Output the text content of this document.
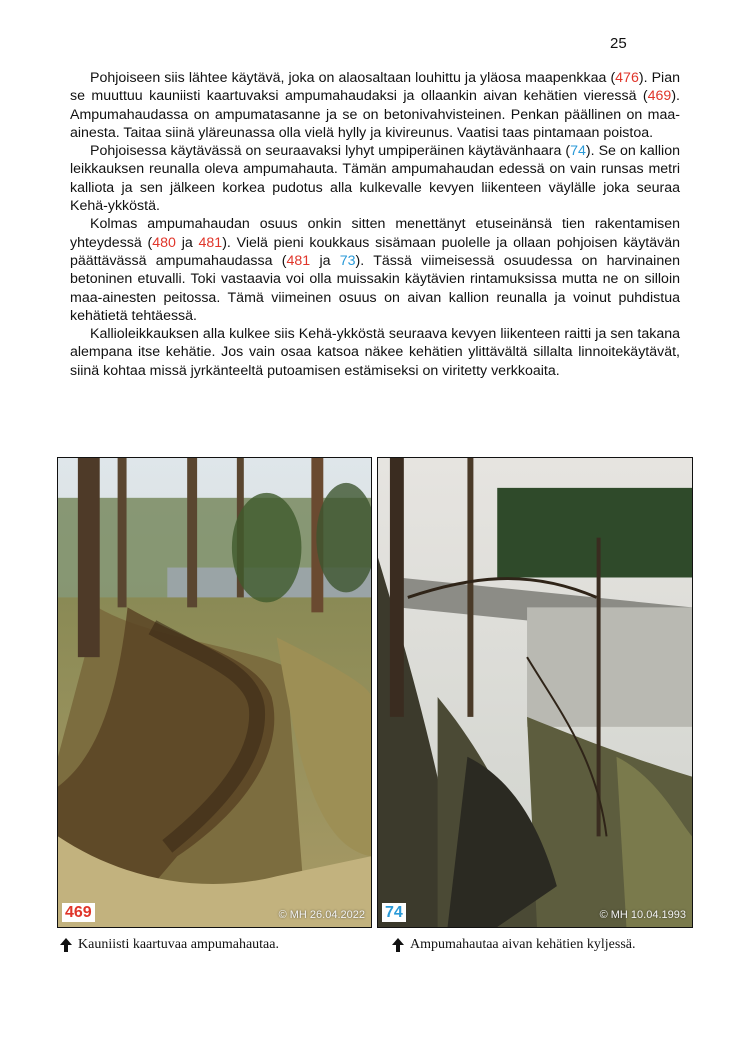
25

Pohjoiseen siis lähtee käytävä, joka on alaosaltaan louhittu ja yläosa maapenkkaa (476). Pian se muuttuu kauniisti kaartuvaksi ampumahaudaksi ja ollaankin aivan kehätien vieressä (469). Ampumahaudassa on ampumatasanne ja se on betonivahvisteinen. Penkan päällinen on maa-ainesta. Taitaa siinä yläreunassa olla vielä hylly ja kivireunus. Vaatisi taas pintamaan poistoa.

Pohjoisessa käytävässä on seuraavaksi lyhyt umpiperäinen käytävänhaara (74). Se on kallion leikkauksen reunalla oleva ampumahauta. Tämän ampumahaudan edessä on vain runsas metri kalliota ja sen jälkeen korkea pudotus alla kulkevalle kevyen liikenteen väylälle joka seuraa Kehä-ykköstä.

Kolmas ampumahaudan osuus onkin sitten menettänyt etuseinänsä tien rakentamisen yhteydessä (480 ja 481). Vielä pieni koukkaus sisämaan puolelle ja ollaan pohjoisen käytävän päättävässä ampumahaudassa (481 ja 73). Tässä viimeisessä osuudessa on harvinainen betoninen etuvalli. Toki vastaavia voi olla muissakin käytävien rintamuksissa mutta ne on silloin maa-ainesten peitossa. Tämä viimeinen osuus on aivan kallion reunalla ja voinut puhdistua kehätietä tehtäessä.

Kallioleikkauksen alla kulkee siis Kehä-ykköstä seuraava kevyen liikenteen raitti ja sen takana alempana itse kehätie. Jos vain osaa katsoa näkee kehätien ylittävältä sillalta linnoitekäytävät, siinä kohtaa missä jyrkänteeltä putoamisen estämiseksi on viritetty verkkoaita.

469	© MH 26.04.2022 74	© MH 10.04.1993
Kauniisti kaartuvaa ampumahautaa.	Ampumahautaa aivan kehätien kyljessä.
